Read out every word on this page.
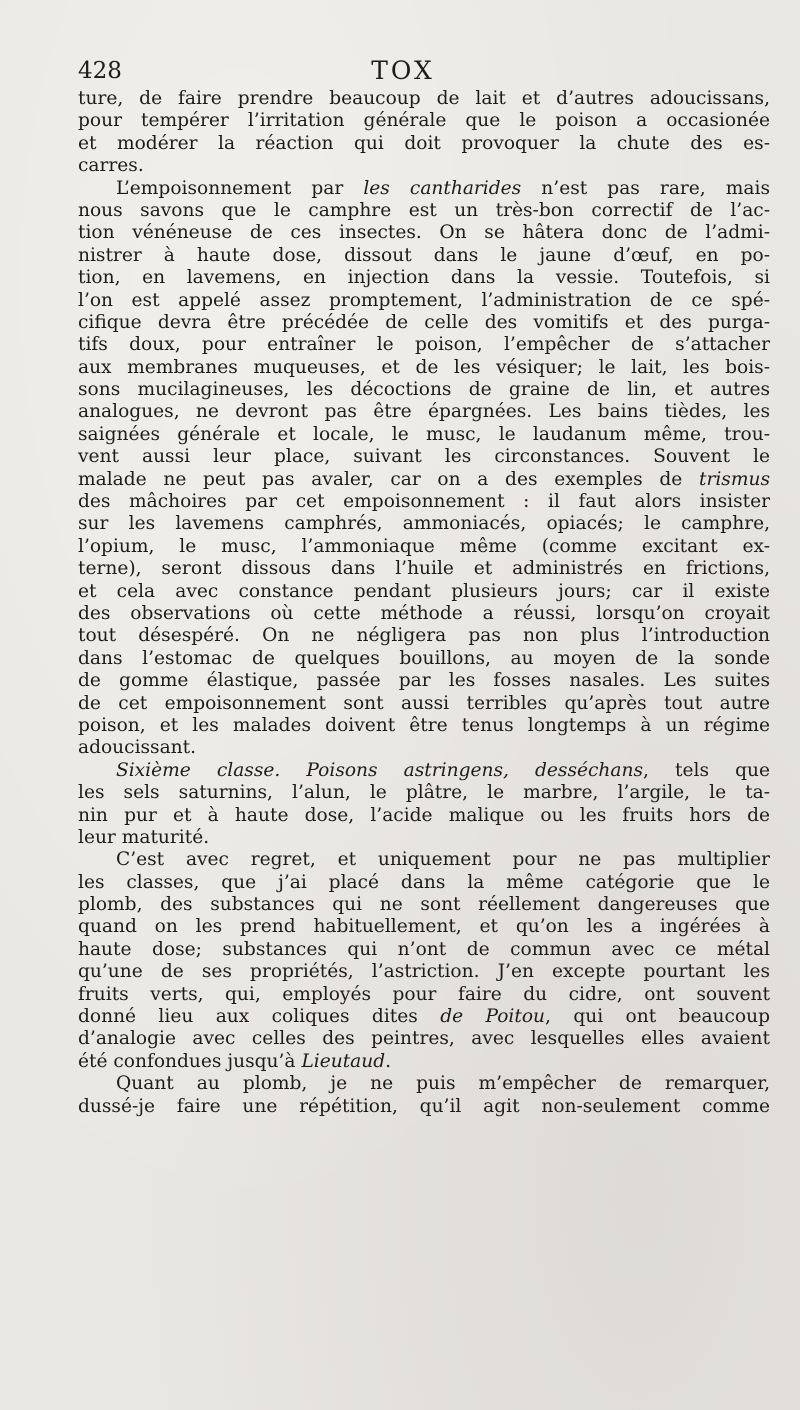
428	TOX
ture, de faire prendre beaucoup de lait et d’autres adoucissans,
pour tempérer l’irritation générale que le poison a occasionée
et modérer la réaction qui doit provoquer la chute des es-
carres.
L’empoisonnement par les cantharides n’est pas rare, mais
nous savons que le camphre est un très-bon correctif de l’ac-
tion vénéneuse de ces insectes. On se hâtera donc de l’admi-
nistrer à haute dose, dissout dans le jaune d’œuf, en po-
tion, en lavemens, en injection dans la vessie. Toutefois, si
l’on est appelé assez promptement, l’administration de ce spé-
cifique devra être précédée de celle des vomitifs et des purga-
tifs doux, pour entraîner le poison, l’empêcher de s’attacher
aux membranes muqueuses, et de les vésiquer; le lait, les bois-
sons mucilagineuses, les décoctions de graine de lin, et autres
analogues, ne devront pas être épargnées. Les bains tièdes, les
saignées générale et locale, le musc, le laudanum même, trou-
vent aussi leur place, suivant les circonstances. Souvent le
malade ne peut pas avaler, car on a des exemples de trismus
des mâchoires par cet empoisonnement : il faut alors insister
sur les lavemens camphrés, ammoniacés, opiacés; le camphre,
l’opium, le musc, l’ammoniaque même (comme excitant ex-
terne), seront dissous dans l’huile et administrés en frictions,
et cela avec constance pendant plusieurs jours; car il existe
des observations où cette méthode a réussi, lorsqu’on croyait
tout désespéré. On ne négligera pas non plus l’introduction
dans l’estomac de quelques bouillons, au moyen de la sonde
de gomme élastique, passée par les fosses nasales. Les suites
de cet empoisonnement sont aussi terribles qu’après tout autre
poison, et les malades doivent être tenus longtemps à un régime
adoucissant.
Sixième classe. Poisons astringens, desséchans, tels que
les sels saturnins, l’alun, le plâtre, le marbre, l’argile, le ta-
nin pur et à haute dose, l’acide malique ou les fruits hors de
leur maturité.
C’est avec regret, et uniquement pour ne pas multiplier
les classes, que j’ai placé dans la même catégorie que le
plomb, des substances qui ne sont réellement dangereuses que
quand on les prend habituellement, et qu’on les a ingérées à
haute dose; substances qui n’ont de commun avec ce métal
qu’une de ses propriétés, l’astriction. J’en excepte pourtant les
fruits verts, qui, employés pour faire du cidre, ont souvent
donné lieu aux coliques dites de Poitou, qui ont beaucoup
d’analogie avec celles des peintres, avec lesquelles elles avaient
été confondues jusqu’à Lieutaud.
Quant au plomb, je ne puis m’empêcher de remarquer,
dussé-je faire une répétition, qu’il agit non-seulement comme
